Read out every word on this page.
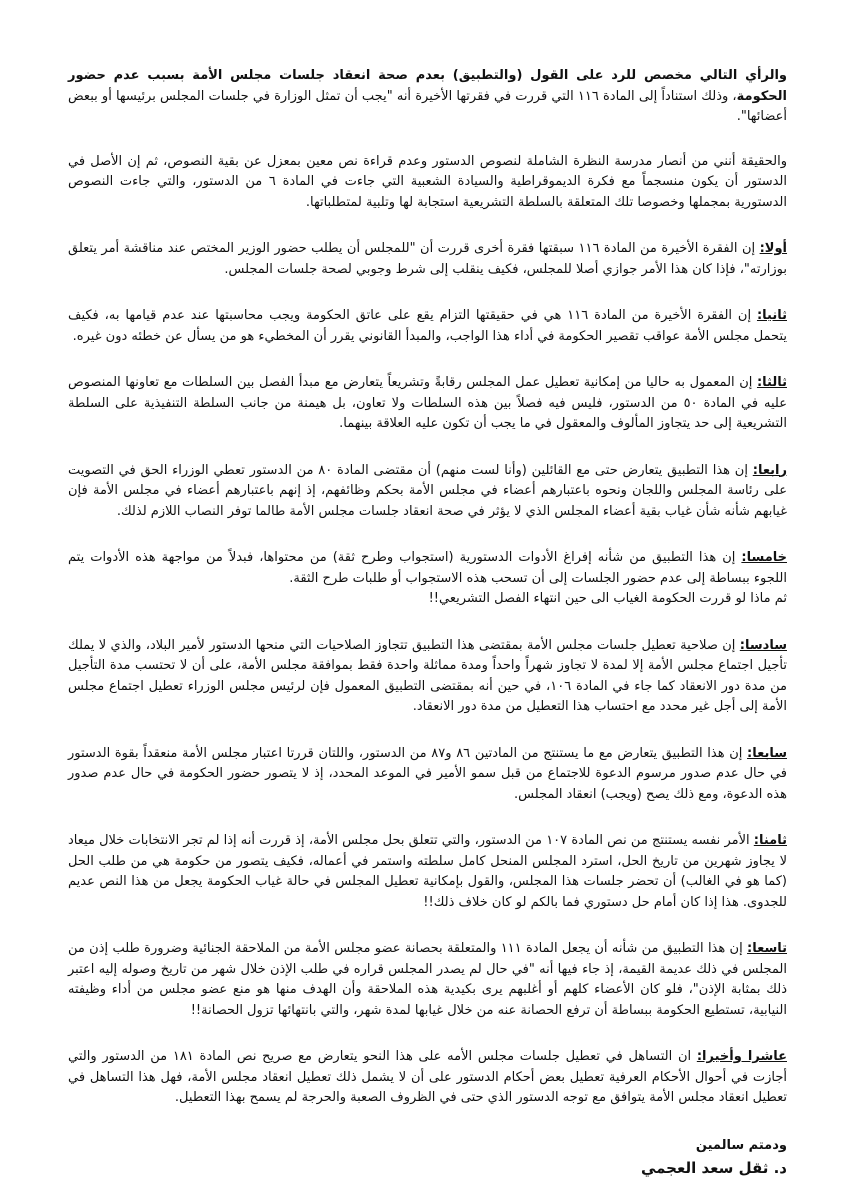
والرأي التالي مخصص للرد على القول (والتطبيق) بعدم صحة انعقاد جلسات مجلس الأمة بسبب عدم حضور الحكومة، وذلك استناداً إلى المادة ١١٦ التي قررت في فقرتها الأخيرة أنه "يجب أن تمثل الوزارة في جلسات المجلس برئيسها أو ببعض أعضائها".

والحقيقة أنني من أنصار مدرسة النظرة الشاملة لنصوص الدستور وعدم قراءة نص معين بمعزل عن بقية النصوص، ثم إن الأصل في الدستور أن يكون منسجماً مع فكرة الديموقراطية والسيادة الشعبية التي جاءت في المادة ٦ من الدستور، والتي جاءت النصوص الدستورية بمجملها وخصوصا تلك المتعلقة بالسلطة التشريعية استجابة لها وتلبية لمتطلباتها.

أولا: إن الفقرة الأخيرة من المادة ١١٦ سبقتها فقرة أخرى قررت أن "للمجلس أن يطلب حضور الوزير المختص عند مناقشة أمر يتعلق بوزارته"، فإذا كان هذا الأمر جوازي أصلا للمجلس، فكيف ينقلب إلى شرط وجوبي لصحة جلسات المجلس.

ثانيا: إن الفقرة الأخيرة من المادة ١١٦ هي في حقيقتها التزام يقع على عاتق الحكومة ويجب محاسبتها عند عدم قيامها به، فكيف يتحمل مجلس الأمة عواقب تقصير الحكومة في أداء هذا الواجب، والمبدأ القانوني يقرر أن المخطيء هو من يسأل عن خطئه دون غيره.

ثالثا: إن المعمول به حاليا من إمكانية تعطيل عمل المجلس رقابةً وتشريعاً يتعارض مع مبدأ الفصل بين السلطات مع تعاونها المنصوص عليه في المادة ٥٠ من الدستور، فليس فيه فصلاً بين هذه السلطات ولا تعاون، بل هيمنة من جانب السلطة التنفيذية على السلطة التشريعية إلى حد يتجاوز المألوف والمعقول في ما يجب أن تكون عليه العلاقة بينهما.

رابعا: إن هذا التطبيق يتعارض حتى مع القائلين (وأنا لست منهم) أن مقتضى المادة ٨٠ من الدستور تعطي الوزراء الحق في التصويت على رئاسة المجلس واللجان ونحوه باعتبارهم أعضاء في مجلس الأمة بحكم وظائفهم، إذ إنهم باعتبارهم أعضاء في مجلس الأمة فإن غيابهم شأنه شأن غياب بقية أعضاء المجلس الذي لا يؤثر في صحة انعقاد جلسات مجلس الأمة طالما توفر النصاب اللازم لذلك.

خامسا: إن هذا التطبيق من شأنه إفراغ الأدوات الدستورية (استجواب وطرح ثقة) من محتواها، فبدلاً من مواجهة هذه الأدوات يتم اللجوء ببساطة إلى عدم حضور الجلسات إلى أن تسحب هذه الاستجواب أو طلبات طرح الثقة.
ثم ماذا لو قررت الحكومة الغياب الى حين انتهاء الفصل التشريعي!!

سادسا: إن صلاحية تعطيل جلسات مجلس الأمة بمقتضى هذا التطبيق تتجاوز الصلاحيات التي منحها الدستور لأمير البلاد، والذي لا يملك تأجيل اجتماع مجلس الأمة إلا لمدة لا تجاوز شهراً واحداً ومدة مماثلة واحدة فقط بموافقة مجلس الأمة، على أن لا تحتسب مدة التأجيل من مدة دور الانعقاد كما جاء في المادة ١٠٦، في حين أنه بمقتضى التطبيق المعمول فإن لرئيس مجلس الوزراء تعطيل اجتماع مجلس الأمة إلى أجل غير محدد مع احتساب هذا التعطيل من مدة دور الانعقاد.

سابعا: إن هذا التطبيق يتعارض مع ما يستنتج من المادتين ٨٦ و٨٧ من الدستور، واللتان قررتا اعتبار مجلس الأمة منعقداً بقوة الدستور في حال عدم صدور مرسوم الدعوة للاجتماع من قبل سمو الأمير في الموعد المحدد، إذ لا يتصور حضور الحكومة في حال عدم صدور هذه الدعوة، ومع ذلك يصح (ويجب) انعقاد المجلس.

ثامنا: الأمر نفسه يستنتج من نص المادة ١٠٧ من الدستور، والتي تتعلق بحل مجلس الأمة، إذ قررت أنه إذا لم تجر الانتخابات خلال ميعاد لا يجاوز شهرين من تاريخ الحل، استرد المجلس المنحل كامل سلطته واستمر في أعماله، فكيف يتصور من حكومة هي من طلب الحل (كما هو في الغالب) أن تحضر جلسات هذا المجلس، والقول بإمكانية تعطيل المجلس في حالة غياب الحكومة يجعل من هذا النص عديم للجدوى. هذا إذا كان أمام حل دستوري فما بالكم لو كان خلاف ذلك!!

تاسعا: إن هذا التطبيق من شأنه أن يجعل المادة ١١١ والمتعلقة بحصانة عضو مجلس الأمة من الملاحقة الجنائية وضرورة طلب إذن من المجلس في ذلك عديمة القيمة، إذ جاء فيها أنه "في حال لم يصدر المجلس قراره في طلب الإذن خلال شهر من تاريخ وصوله إليه اعتبر ذلك بمثابة الإذن"، فلو كان الأعضاء كلهم أو أغلبهم يرى بكيدية هذه الملاحقة وأن الهدف منها هو منع عضو مجلس من أداء وظيفته النيابية، تستطيع الحكومة ببساطة أن ترفع الحصانة عنه من خلال غيابها لمدة شهر، والتي بانتهائها تزول الحصانة!!

عاشرا وأخيرا: ان التساهل في تعطيل جلسات مجلس الأمه على هذا النحو يتعارض مع صريح نص المادة ١٨١ من الدستور والتي أجازت في أحوال الأحكام العرفية تعطيل بعض أحكام الدستور على أن لا يشمل ذلك تعطيل انعقاد مجلس الأمة، فهل هذا التساهل في تعطيل انعقاد مجلس الأمة يتوافق مع توجه الدستور الذي حتى في الظروف الصعبة والحرجة لم يسمح بهذا التعطيل.

ودمتم سالمين
د. ثقل سعد العجمي
